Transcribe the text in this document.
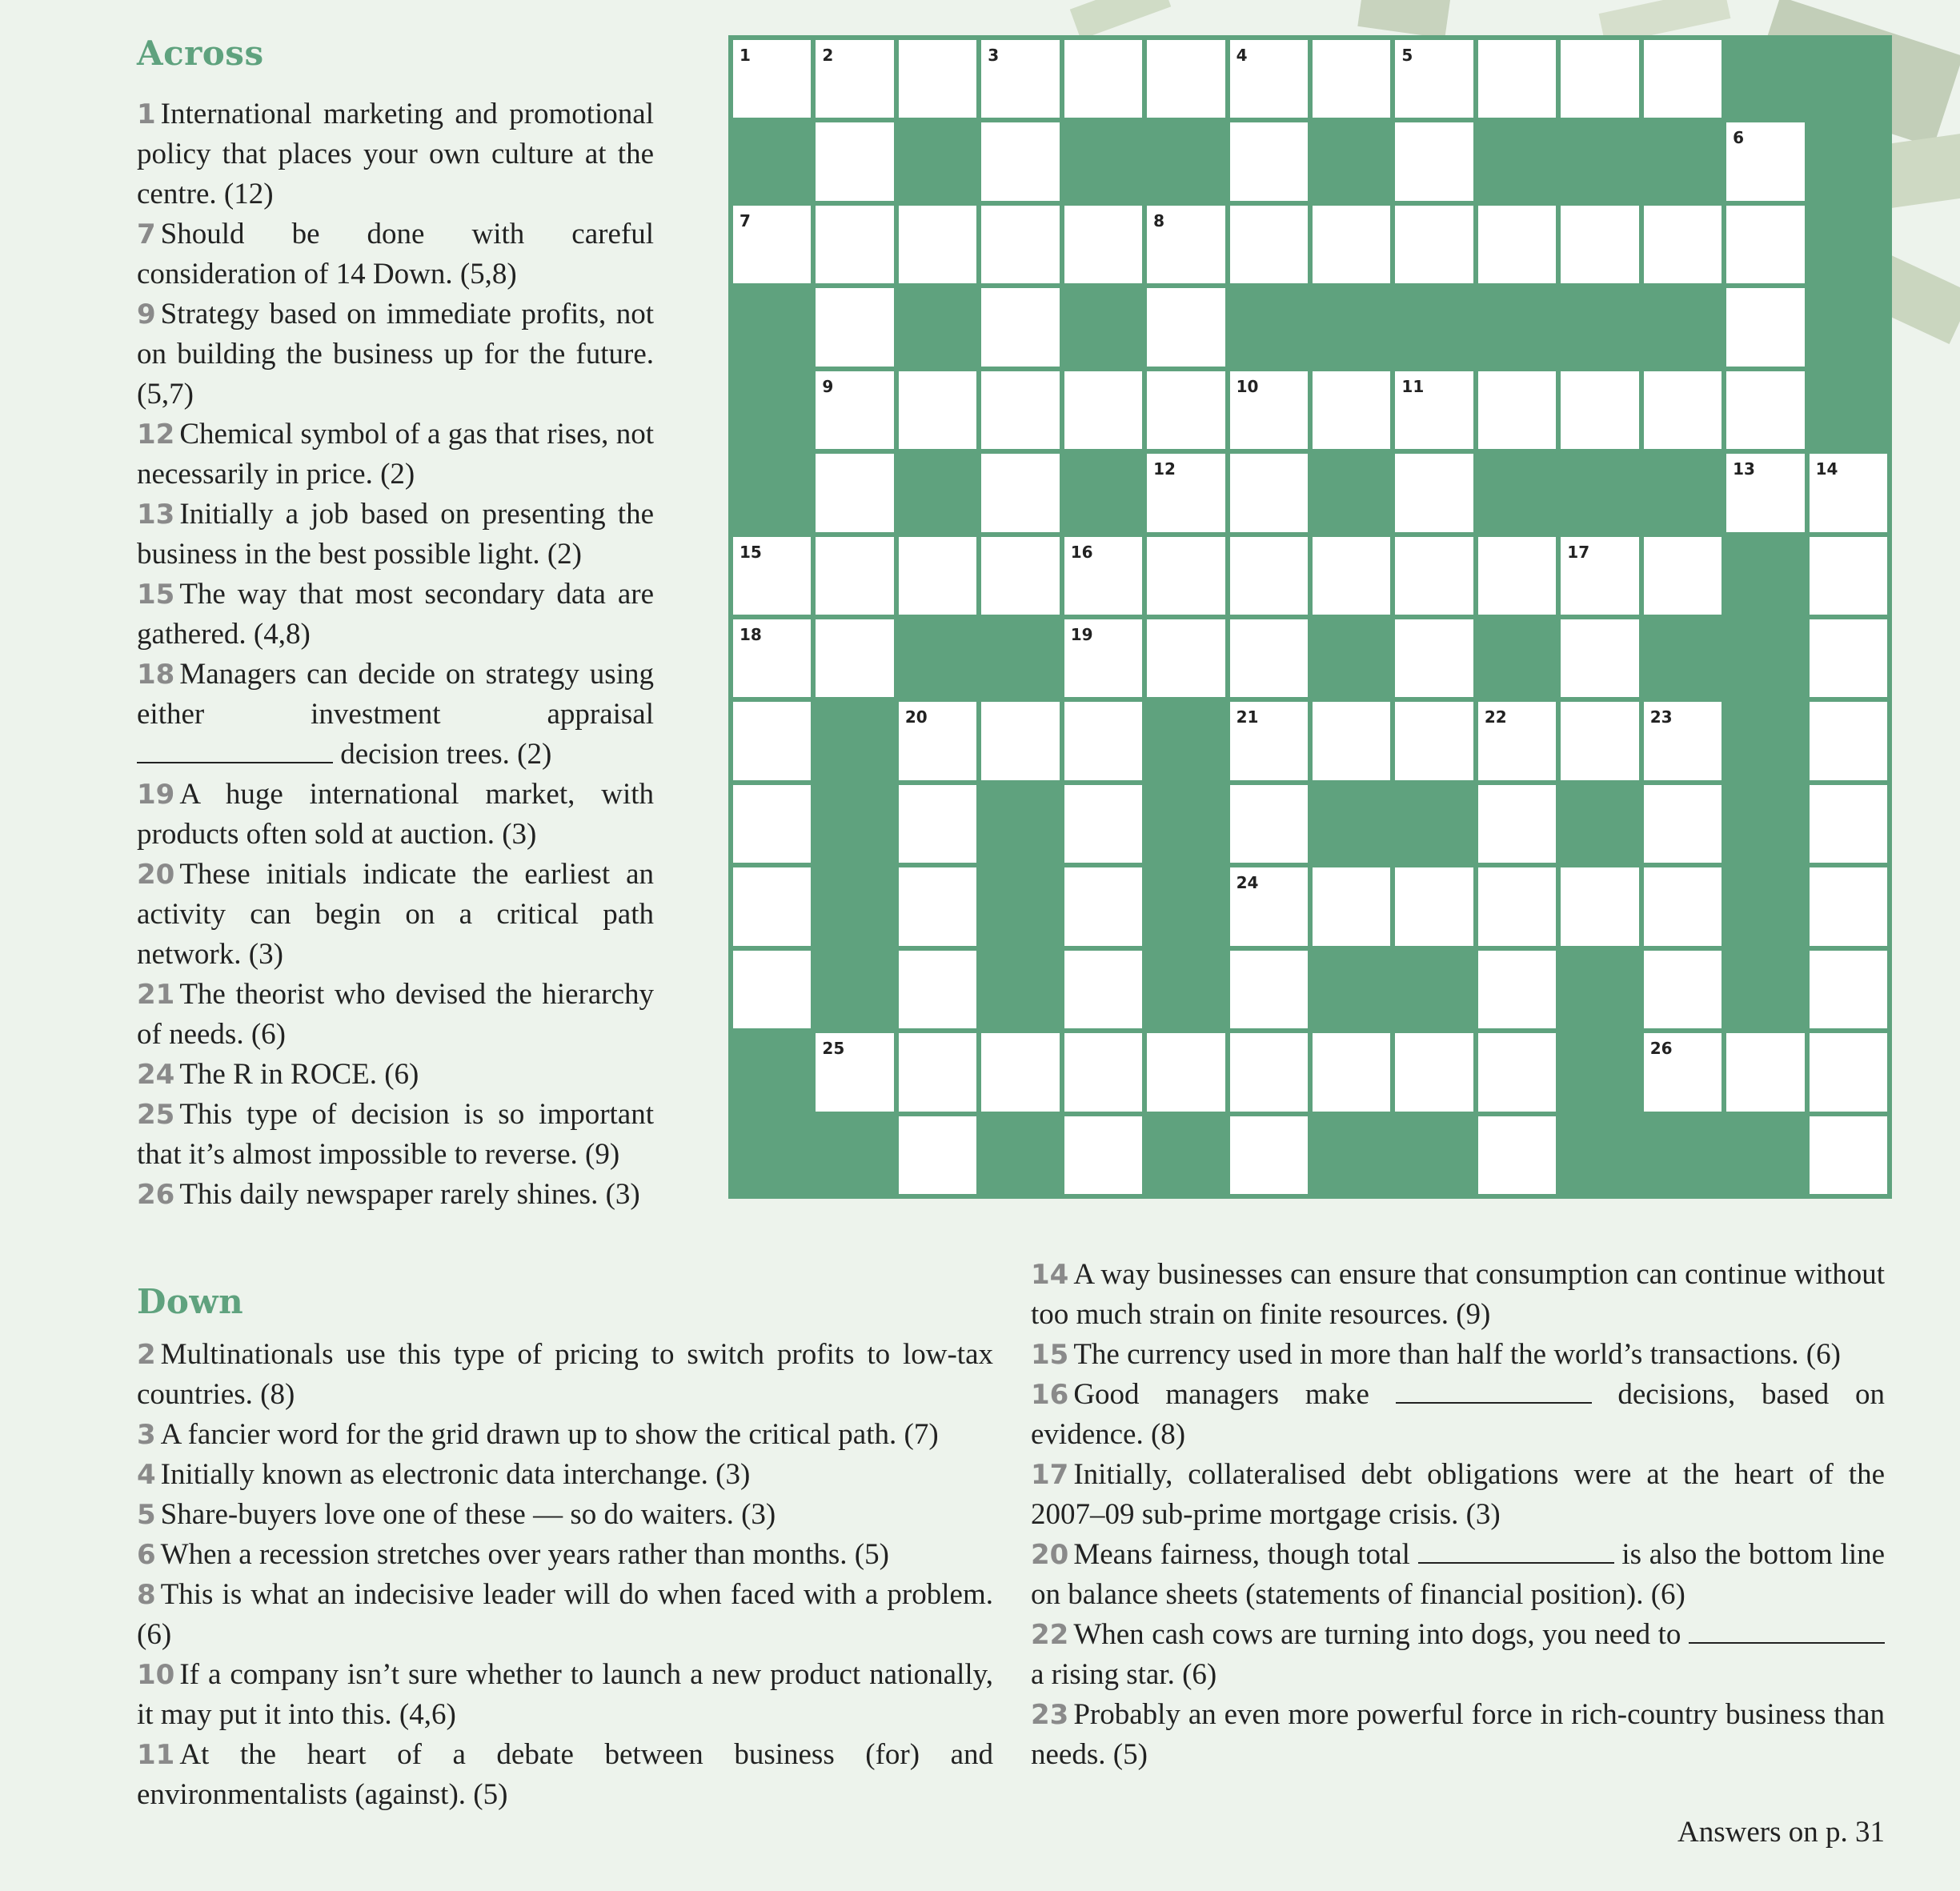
Across
1 International marketing and promotional policy that places your own culture at the centre. (12)
7 Should be done with careful consideration of 14 Down. (5,8)
9 Strategy based on immediate profits, not on building the business up for the future. (5,7)
12 Chemical symbol of a gas that rises, not necessarily in price. (2)
13 Initially a job based on presenting the business in the best possible light. (2)
15 The way that most secondary data are gathered. (4,8)
18 Managers can decide on strategy using either investment appraisal  decision trees. (2)
19 A huge international market, with products often sold at auction. (3)
20 These initials indicate the earliest an activity can begin on a critical path network. (3)
21 The theorist who devised the hierarchy of needs. (6)
24 The R in ROCE. (6)
25 This type of decision is so important that it’s almost impossible to reverse. (9)
26 This daily newspaper rarely shines. (3)
1	2	3	4	5
6
7	8
9	10	11
12	13	14
15	16	17
18	19
20	21	22	23
24
25	26
Down
2 Multinationals use this type of pricing to switch profits to low-tax countries. (8)
3 A fancier word for the grid drawn up to show the critical path. (7)
4 Initially known as electronic data interchange. (3)
5 Share-buyers love one of these — so do waiters. (3)
6 When a recession stretches over years rather than months. (5)
8 This is what an indecisive leader will do when faced with a problem. (6)
10 If a company isn’t sure whether to launch a new product nationally, it may put it into this. (4,6)
11 At the heart of a debate between business (for) and environmentalists (against). (5)
14 A way businesses can ensure that consumption can continue without too much strain on finite resources. (9)
15 The currency used in more than half the world’s transactions. (6)
16 Good managers make	decisions, based on evidence. (8)
17 Initially, collateralised debt obligations were at the heart of the 2007–09 sub-prime mortgage crisis. (3)
20 Means fairness, though total	is also the bottom line on balance sheets (statements of financial position). (6)
22 When cash cows are turning into dogs, you need to  a rising star. (6)
23 Probably an even more powerful force in rich-country business than needs. (5)

Answers on p. 31
